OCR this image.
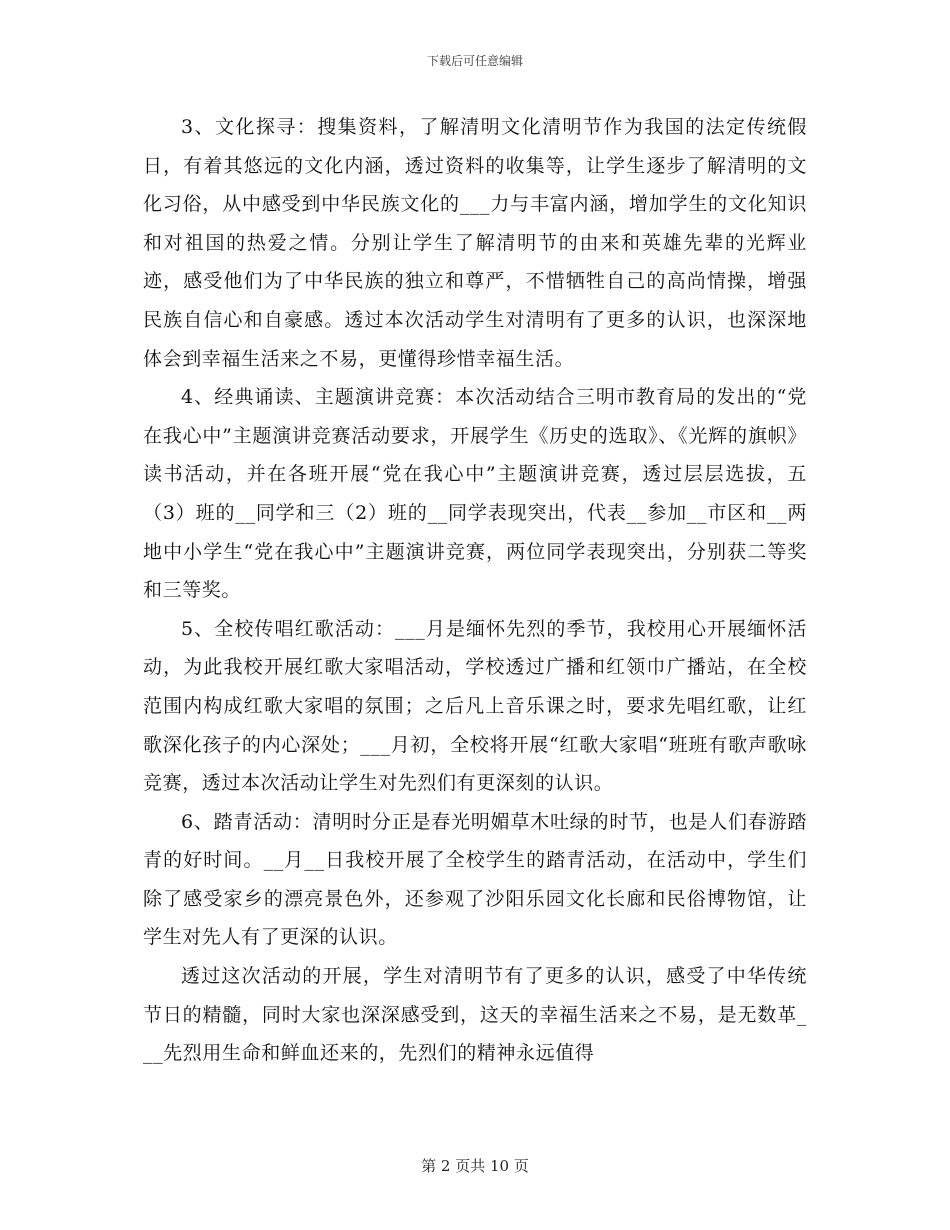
下载后可任意编辑

3、文化探寻：搜集资料，了解清明文化清明节作为我国的法定传统假日，有着其悠远的文化内涵，透过资料的收集等，让学生逐步了解清明的文化习俗，从中感受到中华民族文化的___力与丰富内涵，增加学生的文化知识和对祖国的热爱之情。分别让学生了解清明节的由来和英雄先辈的光辉业迹，感受他们为了中华民族的独立和尊严，不惜牺牲自己的高尚情操，增强民族自信心和自豪感。透过本次活动学生对清明有了更多的认识，也深深地体会到幸福生活来之不易，更懂得珍惜幸福生活。

4、经典诵读、主题演讲竞赛：本次活动结合三明市教育局的发出的“党在我心中”主题演讲竞赛活动要求，开展学生《历史的选取》、《光辉的旗帜》读书活动，并在各班开展“党在我心中”主题演讲竞赛，透过层层选拔，五（3）班的__同学和三（2）班的__同学表现突出，代表__参加__市区和__两地中小学生“党在我心中”主题演讲竞赛，两位同学表现突出，分别获二等奖和三等奖。

5、全校传唱红歌活动：___月是缅怀先烈的季节，我校用心开展缅怀活动，为此我校开展红歌大家唱活动，学校透过广播和红领巾广播站，在全校范围内构成红歌大家唱的氛围；之后凡上音乐课之时，要求先唱红歌，让红歌深化孩子的内心深处；___月初，全校将开展“红歌大家唱“班班有歌声歌咏竞赛，透过本次活动让学生对先烈们有更深刻的认识。

6、踏青活动：清明时分正是春光明媚草木吐绿的时节，也是人们春游踏青的好时间。__月__日我校开展了全校学生的踏青活动，在活动中，学生们除了感受家乡的漂亮景色外，还参观了沙阳乐园文化长廊和民俗博物馆，让学生对先人有了更深的认识。

透过这次活动的开展，学生对清明节有了更多的认识，感受了中华传统节日的精髓，同时大家也深深感受到，这天的幸福生活来之不易，是无数革___先烈用生命和鲜血还来的，先烈们的精神永远值得

第 2 页共 10 页
